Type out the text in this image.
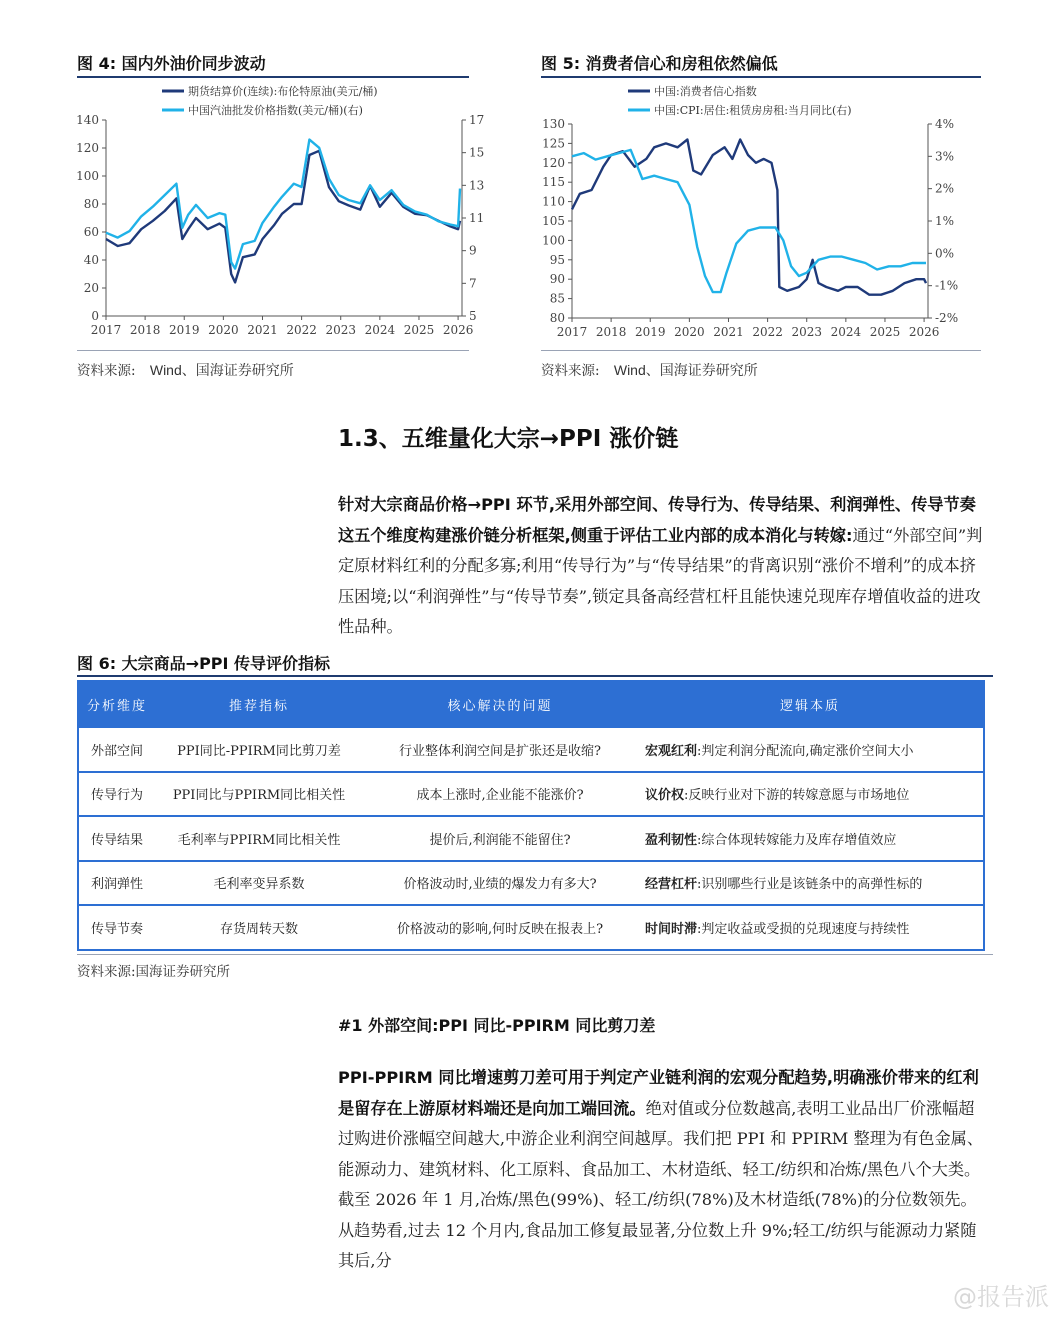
图 4: 国内外油价同步波动
0
20
40
60
80
100
120
140
5
7
9
11
13
15
17
2017 2018 2019 2020 2021 2022 2023 2024 2025 2026
期货结算价(连续):布伦特原油(美元/桶)
中国汽油批发价格指数(美元/桶)(右)
资料来源: Wind、国海证券研究所
图 5: 消费者信心和房租依然偏低
80
85
90
95
100
105
110
115
120
125
130
-2%
-1%
0%
1%
2%
3%
4%
2017 2018 2019 2020 2021 2022 2023 2024 2025 2026
中国:消费者信心指数
中国:CPI:居住:租赁房房租:当月同比(右)
资料来源: Wind、国海证券研究所
1.3、五维量化大宗→PPI 涨价链
针对大宗商品价格→PPI 环节,采用外部空间、传导行为、传导结果、利润弹性、传导节奏这五个维度构建涨价链分析框架,侧重于评估工业内部的成本消化与转嫁:通过“外部空间”判定原材料红利的分配多寡;利用“传导行为”与“传导结果”的背离识别“涨价不增利”的成本挤压困境;以“利润弹性”与“传导节奏”,锁定具备高经营杠杆且能快速兑现库存增值收益的进攻性品种。
图 6: 大宗商品→PPI 传导评价指标
分析维度	推荐指标	核心解决的问题	逻辑本质
外部空间	PPI同比-PPIRM同比剪刀差	行业整体利润空间是扩张还是收缩?	宏观红利:判定利润分配流向,确定涨价空间大小
传导行为	PPI同比与PPIRM同比相关性	成本上涨时,企业能不能涨价?	议价权:反映行业对下游的转嫁意愿与市场地位
传导结果	毛利率与PPIRM同比相关性	提价后,利润能不能留住?	盈利韧性:综合体现转嫁能力及库存增值效应
利润弹性	毛利率变异系数	价格波动时,业绩的爆发力有多大?	经营杠杆:识别哪些行业是该链条中的高弹性标的
传导节奏	存货周转天数	价格波动的影响,何时反映在报表上?	时间时滞:判定收益或受损的兑现速度与持续性
资料来源:国海证券研究所
#1 外部空间:PPI 同比-PPIRM 同比剪刀差
PPI-PPIRM 同比增速剪刀差可用于判定产业链利润的宏观分配趋势,明确涨价带来的红利是留存在上游原材料端还是向加工端回流。绝对值或分位数越高,表明工业品出厂价涨幅超过购进价涨幅空间越大,中游企业利润空间越厚。我们把 PPI 和 PPIRM 整理为有色金属、能源动力、建筑材料、化工原料、食品加工、木材造纸、轻工/纺织和冶炼/黑色八个大类。截至 2026 年 1 月,冶炼/黑色(99%)、轻工/纺织(78%)及木材造纸(78%)的分位数领先。从趋势看,过去 12 个月内,食品加工修复最显著,分位数上升 9%;轻工/纺织与能源动力紧随其后,分
@报告派
